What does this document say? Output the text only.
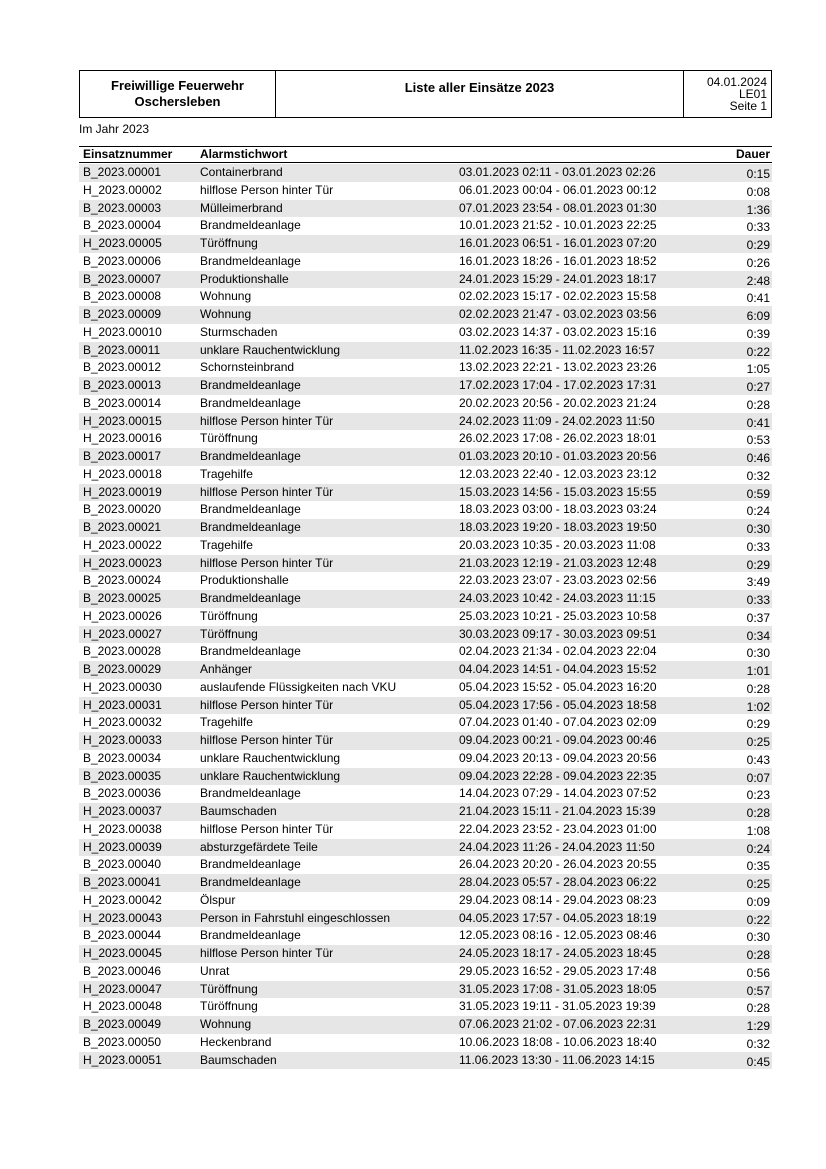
Freiwillige Feuerwehr
Oschersleben
Liste aller Einsätze 2023	04.01.2024
LE01
Seite 1
Im Jahr 2023
Einsatznummer Alarmstichwort	Dauer
B_2023.00001	Containerbrand	03.01.2023 02:11 - 03.01.2023 02:26	0:15
H_2023.00002	hilflose Person hinter Tür	06.01.2023 00:04 - 06.01.2023 00:12	0:08
B_2023.00003	Mülleimerbrand	07.01.2023 23:54 - 08.01.2023 01:30	1:36
B_2023.00004	Brandmeldeanlage	10.01.2023 21:52 - 10.01.2023 22:25	0:33
H_2023.00005	Türöffnung	16.01.2023 06:51 - 16.01.2023 07:20	0:29
B_2023.00006	Brandmeldeanlage	16.01.2023 18:26 - 16.01.2023 18:52	0:26
B_2023.00007	Produktionshalle	24.01.2023 15:29 - 24.01.2023 18:17	2:48
B_2023.00008	Wohnung	02.02.2023 15:17 - 02.02.2023 15:58	0:41
B_2023.00009	Wohnung	02.02.2023 21:47 - 03.02.2023 03:56	6:09
H_2023.00010	Sturmschaden	03.02.2023 14:37 - 03.02.2023 15:16	0:39
B_2023.00011	unklare Rauchentwicklung	11.02.2023 16:35 - 11.02.2023 16:57	0:22
B_2023.00012	Schornsteinbrand	13.02.2023 22:21 - 13.02.2023 23:26	1:05
B_2023.00013	Brandmeldeanlage	17.02.2023 17:04 - 17.02.2023 17:31	0:27
B_2023.00014	Brandmeldeanlage	20.02.2023 20:56 - 20.02.2023 21:24	0:28
H_2023.00015	hilflose Person hinter Tür	24.02.2023 11:09 - 24.02.2023 11:50	0:41
H_2023.00016	Türöffnung	26.02.2023 17:08 - 26.02.2023 18:01	0:53
B_2023.00017	Brandmeldeanlage	01.03.2023 20:10 - 01.03.2023 20:56	0:46
H_2023.00018	Tragehilfe	12.03.2023 22:40 - 12.03.2023 23:12	0:32
H_2023.00019	hilflose Person hinter Tür	15.03.2023 14:56 - 15.03.2023 15:55	0:59
B_2023.00020	Brandmeldeanlage	18.03.2023 03:00 - 18.03.2023 03:24	0:24
B_2023.00021	Brandmeldeanlage	18.03.2023 19:20 - 18.03.2023 19:50	0:30
H_2023.00022	Tragehilfe	20.03.2023 10:35 - 20.03.2023 11:08	0:33
H_2023.00023	hilflose Person hinter Tür	21.03.2023 12:19 - 21.03.2023 12:48	0:29
B_2023.00024	Produktionshalle	22.03.2023 23:07 - 23.03.2023 02:56	3:49
B_2023.00025	Brandmeldeanlage	24.03.2023 10:42 - 24.03.2023 11:15	0:33
H_2023.00026	Türöffnung	25.03.2023 10:21 - 25.03.2023 10:58	0:37
H_2023.00027	Türöffnung	30.03.2023 09:17 - 30.03.2023 09:51	0:34
B_2023.00028	Brandmeldeanlage	02.04.2023 21:34 - 02.04.2023 22:04	0:30
B_2023.00029	Anhänger	04.04.2023 14:51 - 04.04.2023 15:52	1:01
H_2023.00030	auslaufende Flüssigkeiten nach VKU	05.04.2023 15:52 - 05.04.2023 16:20	0:28
H_2023.00031	hilflose Person hinter Tür	05.04.2023 17:56 - 05.04.2023 18:58	1:02
H_2023.00032	Tragehilfe	07.04.2023 01:40 - 07.04.2023 02:09	0:29
H_2023.00033	hilflose Person hinter Tür	09.04.2023 00:21 - 09.04.2023 00:46	0:25
B_2023.00034	unklare Rauchentwicklung	09.04.2023 20:13 - 09.04.2023 20:56	0:43
B_2023.00035	unklare Rauchentwicklung	09.04.2023 22:28 - 09.04.2023 22:35	0:07
B_2023.00036	Brandmeldeanlage	14.04.2023 07:29 - 14.04.2023 07:52	0:23
H_2023.00037	Baumschaden	21.04.2023 15:11 - 21.04.2023 15:39	0:28
H_2023.00038	hilflose Person hinter Tür	22.04.2023 23:52 - 23.04.2023 01:00	1:08
H_2023.00039	absturzgefärdete Teile	24.04.2023 11:26 - 24.04.2023 11:50	0:24
B_2023.00040	Brandmeldeanlage	26.04.2023 20:20 - 26.04.2023 20:55	0:35
B_2023.00041	Brandmeldeanlage	28.04.2023 05:57 - 28.04.2023 06:22	0:25
H_2023.00042	Ölspur	29.04.2023 08:14 - 29.04.2023 08:23	0:09
H_2023.00043	Person in Fahrstuhl eingeschlossen	04.05.2023 17:57 - 04.05.2023 18:19	0:22
B_2023.00044	Brandmeldeanlage	12.05.2023 08:16 - 12.05.2023 08:46	0:30
H_2023.00045	hilflose Person hinter Tür	24.05.2023 18:17 - 24.05.2023 18:45	0:28
B_2023.00046	Unrat	29.05.2023 16:52 - 29.05.2023 17:48	0:56
H_2023.00047	Türöffnung	31.05.2023 17:08 - 31.05.2023 18:05	0:57
H_2023.00048	Türöffnung	31.05.2023 19:11 - 31.05.2023 19:39	0:28
B_2023.00049	Wohnung	07.06.2023 21:02 - 07.06.2023 22:31	1:29
B_2023.00050	Heckenbrand	10.06.2023 18:08 - 10.06.2023 18:40	0:32
H_2023.00051	Baumschaden	11.06.2023 13:30 - 11.06.2023 14:15	0:45
